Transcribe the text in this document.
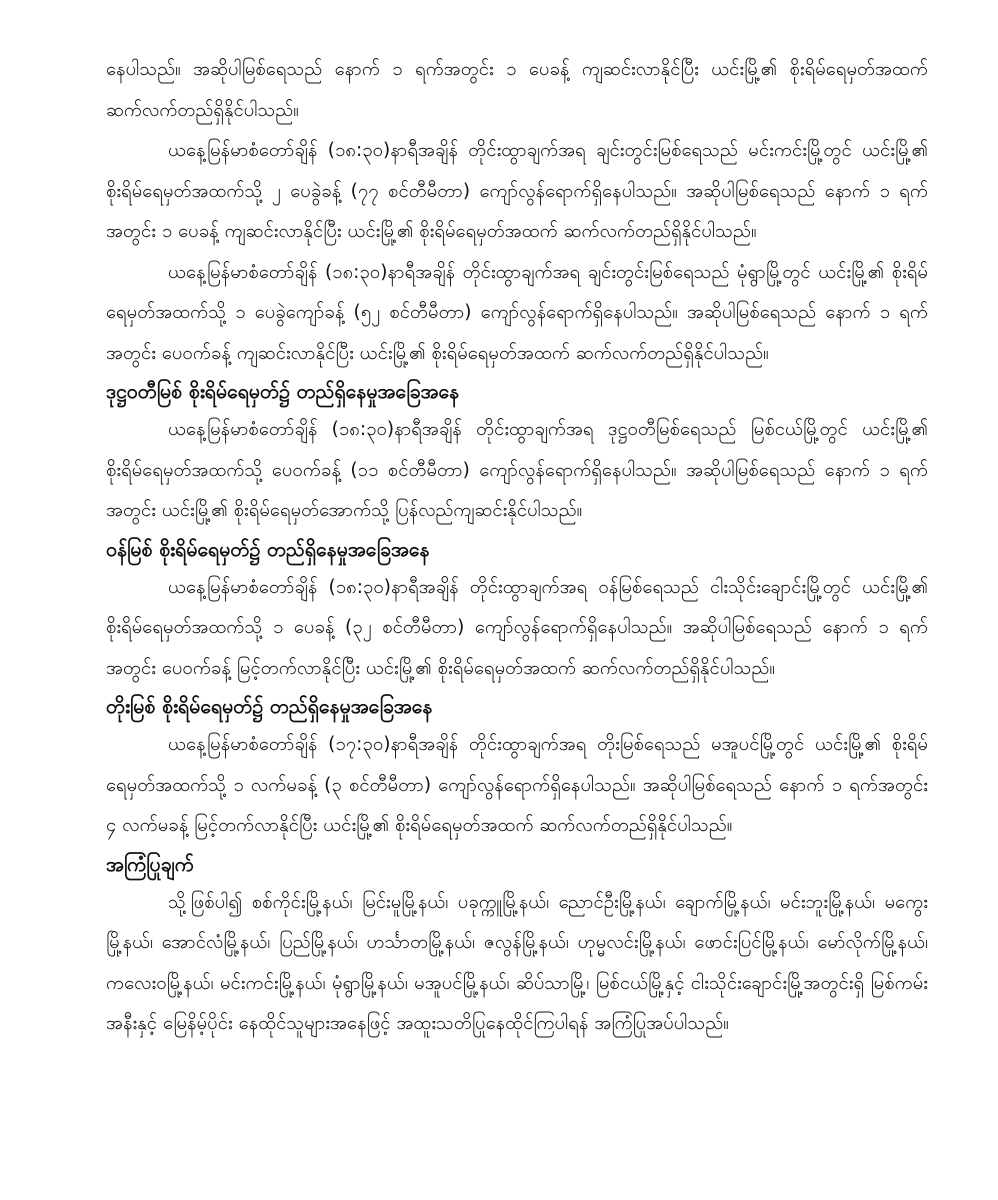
နေပါသည်။ အဆိုပါမြစ်ရေသည် နောက် ၁ ရက်အတွင်း ၁ ပေခန့် ကျဆင်းလာနိုင်ပြီး ယင်းမြို့၏ စိုးရိမ်ရေမှတ်အထက် ဆက်လက်တည်ရှိနိုင်ပါသည်။

ယနေ့မြန်မာစံတော်ချိန် (၁၈:၃၀)နာရီအချိန် တိုင်းထွာချက်အရ ချင်းတွင်းမြစ်ရေသည် မင်းကင်းမြို့တွင် ယင်းမြို့၏ စိုးရိမ်ရေမှတ်အထက်သို့ ၂ ပေခွဲခန့် (၇၇ စင်တီမီတာ) ကျော်လွန်ရောက်ရှိနေပါသည်။ အဆိုပါမြစ်ရေသည် နောက် ၁ ရက်အတွင်း ၁ ပေခန့် ကျဆင်းလာနိုင်ပြီး ယင်းမြို့၏ စိုးရိမ်ရေမှတ်အထက် ဆက်လက်တည်ရှိနိုင်ပါသည်။

ယနေ့မြန်မာစံတော်ချိန် (၁၈:၃၀)နာရီအချိန် တိုင်းထွာချက်အရ ချင်းတွင်းမြစ်ရေသည် မုံရွာမြို့တွင် ယင်းမြို့၏ စိုးရိမ်ရေမှတ်အထက်သို့ ၁ ပေခွဲကျော်ခန့် (၅၂ စင်တီမီတာ) ကျော်လွန်ရောက်ရှိနေပါသည်။ အဆိုပါမြစ်ရေသည် နောက် ၁ ရက်အတွင်း ပေဝက်ခန့် ကျဆင်းလာနိုင်ပြီး ယင်းမြို့၏ စိုးရိမ်ရေမှတ်အထက် ဆက်လက်တည်ရှိနိုင်ပါသည်။

ဒုဋ္ဌဝတီမြစ် စိုးရိမ်ရေမှတ်၌ တည်ရှိနေမှုအခြေအနေ

ယနေ့မြန်မာစံတော်ချိန် (၁၈:၃၀)နာရီအချိန် တိုင်းထွာချက်အရ ဒုဋ္ဌဝတီမြစ်ရေသည် မြစ်ငယ်မြို့တွင် ယင်းမြို့၏ စိုးရိမ်ရေမှတ်အထက်သို့ ပေဝက်ခန့် (၁၁ စင်တီမီတာ) ကျော်လွန်ရောက်ရှိနေပါသည်။ အဆိုပါမြစ်ရေသည် နောက် ၁ ရက်အတွင်း ယင်းမြို့၏ စိုးရိမ်ရေမှတ်အောက်သို့ ပြန်လည်ကျဆင်းနိုင်ပါသည်။

ဝန်မြစ် စိုးရိမ်ရေမှတ်၌ တည်ရှိနေမှုအခြေအနေ

ယနေ့မြန်မာစံတော်ချိန် (၁၈:၃၀)နာရီအချိန် တိုင်းထွာချက်အရ ဝန်မြစ်ရေသည် ငါးသိုင်းချောင်းမြို့တွင် ယင်းမြို့၏ စိုးရိမ်ရေမှတ်အထက်သို့ ၁ ပေခန့် (၃၂ စင်တီမီတာ) ကျော်လွန်ရောက်ရှိနေပါသည်။ အဆိုပါမြစ်ရေသည် နောက် ၁ ရက်အတွင်း ပေဝက်ခန့် မြင့်တက်လာနိုင်ပြီး ယင်းမြို့၏ စိုးရိမ်ရေမှတ်အထက် ဆက်လက်တည်ရှိနိုင်ပါသည်။

တိုးမြစ် စိုးရိမ်ရေမှတ်၌ တည်ရှိနေမှုအခြေအနေ

ယနေ့မြန်မာစံတော်ချိန် (၁၇:၃၀)နာရီအချိန် တိုင်းထွာချက်အရ တိုးမြစ်ရေသည် မအူပင်မြို့တွင် ယင်းမြို့၏ စိုးရိမ်ရေမှတ်အထက်သို့ ၁ လက်မခန့် (၃ စင်တီမီတာ) ကျော်လွန်ရောက်ရှိနေပါသည်။ အဆိုပါမြစ်ရေသည် နောက် ၁ ရက်အတွင်း ၄ လက်မခန့် မြင့်တက်လာနိုင်ပြီး ယင်းမြို့၏ စိုးရိမ်ရေမှတ်အထက် ဆက်လက်တည်ရှိနိုင်ပါသည်။

အကြံပြုချက်

သို့ဖြစ်ပါ၍ စစ်ကိုင်းမြို့နယ်၊ မြင်းမူမြို့နယ်၊ ပခုက္ကူမြို့နယ်၊ ညောင်ဦးမြို့နယ်၊ ချောက်မြို့နယ်၊ မင်းဘူးမြို့နယ်၊ မကွေးမြို့နယ်၊ အောင်လံမြို့နယ်၊ ပြည်မြို့နယ်၊ ဟင်္သာတမြို့နယ်၊ ဇလွန်မြို့နယ်၊ ဟုမ္မလင်းမြို့နယ်၊ ဖောင်းပြင်မြို့နယ်၊ မော်လိုက်မြို့နယ်၊ ကလေးဝမြို့နယ်၊ မင်းကင်းမြို့နယ်၊ မုံရွာမြို့နယ်၊ မအူပင်မြို့နယ်၊ ဆိပ်သာမြို့၊ မြစ်ငယ်မြို့နှင့် ငါးသိုင်းချောင်းမြို့အတွင်းရှိ မြစ်ကမ်းအနီးနှင့် မြေနိမ့်ပိုင်း နေထိုင်သူများအနေဖြင့် အထူးသတိပြုနေထိုင်ကြပါရန် အကြံပြုအပ်ပါသည်။
